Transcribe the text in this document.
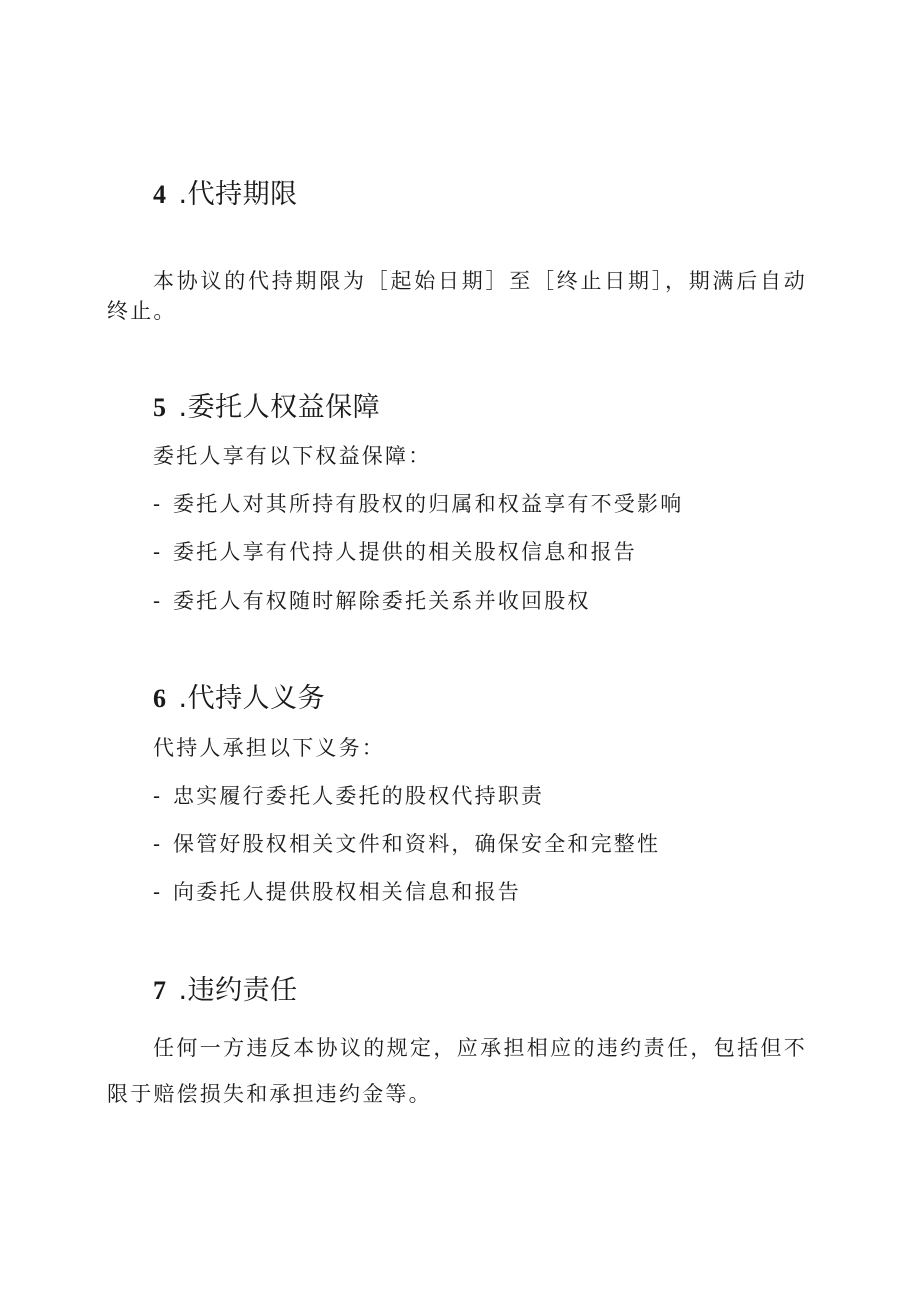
4 .代持期限
本协议的代持期限为［起始日期］至［终止日期］，期满后自动终止。
5 .委托人权益保障
委托人享有以下权益保障：
- 委托人对其所持有股权的归属和权益享有不受影响
- 委托人享有代持人提供的相关股权信息和报告
- 委托人有权随时解除委托关系并收回股权
6 .代持人义务
代持人承担以下义务：
- 忠实履行委托人委托的股权代持职责
- 保管好股权相关文件和资料，确保安全和完整性
- 向委托人提供股权相关信息和报告
7 .违约责任
任何一方违反本协议的规定，应承担相应的违约责任，包括但不限于赔偿损失和承担违约金等。
